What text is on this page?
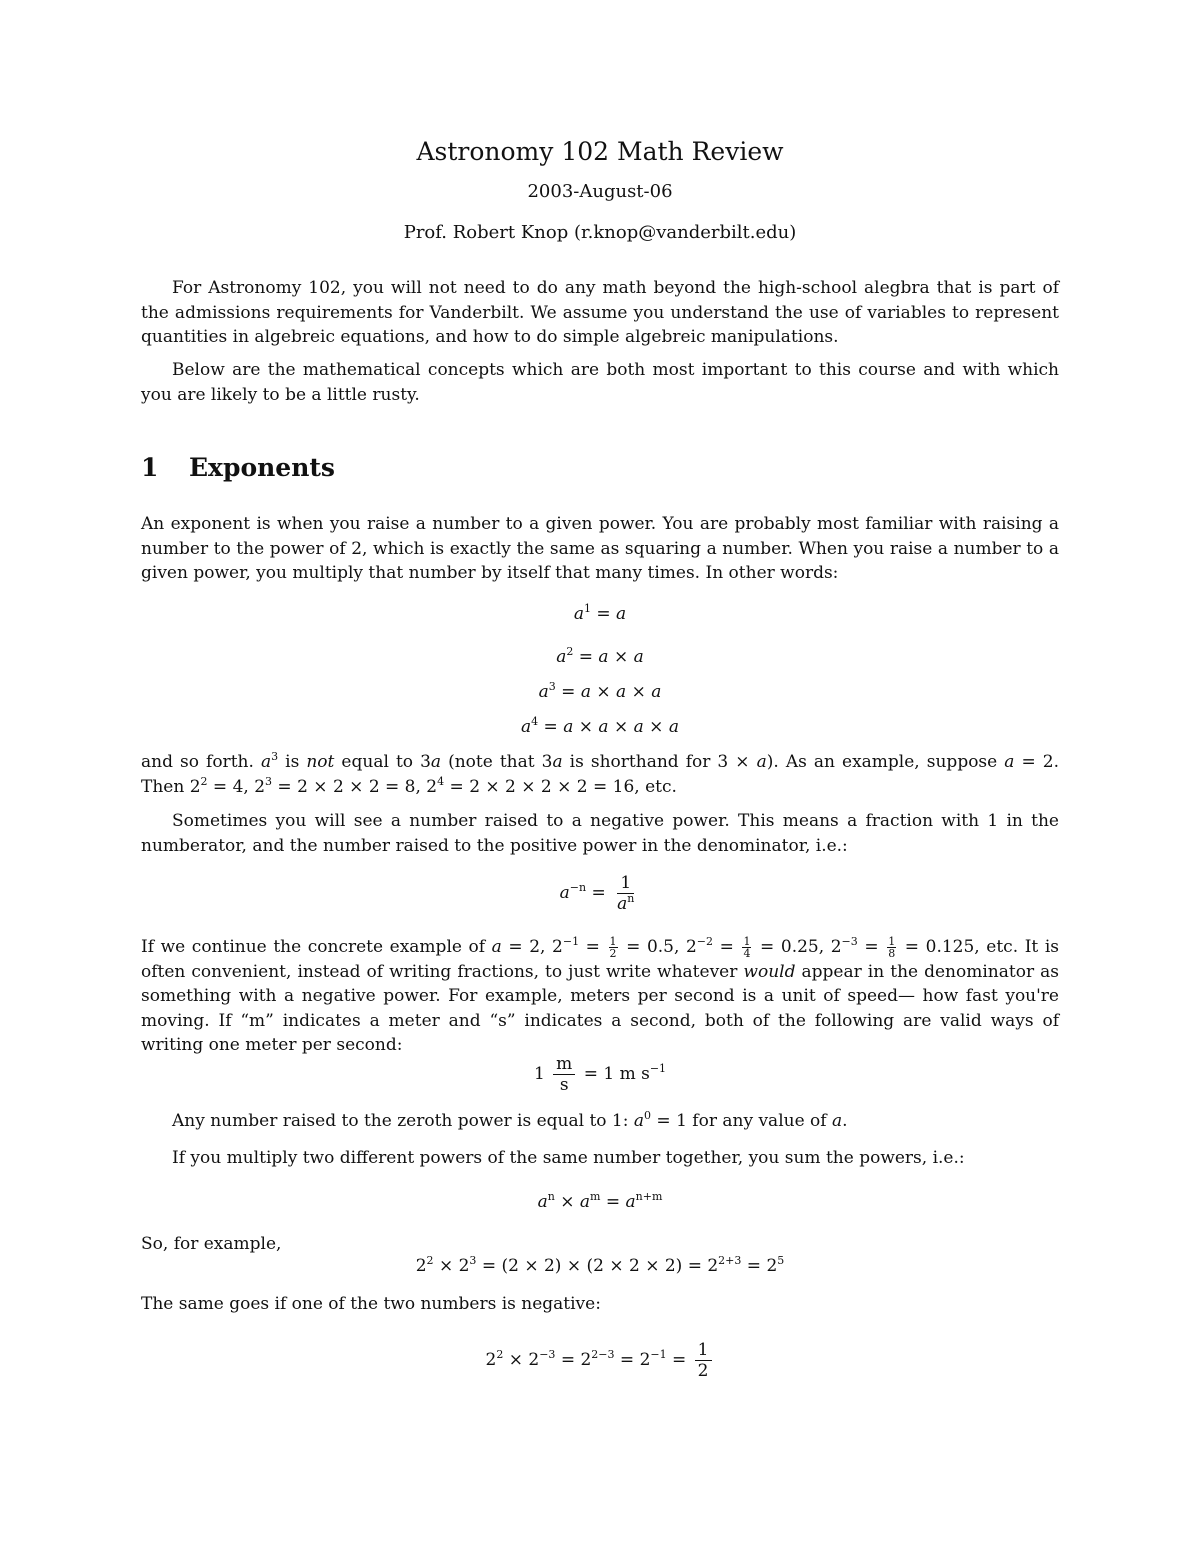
Astronomy 102 Math Review
2003-August-06
Prof. Robert Knop (r.knop@vanderbilt.edu)

For Astronomy 102, you will not need to do any math beyond the high-school alegbra that is part of the admissions requirements for Vanderbilt. We assume you understand the use of variables to represent quantities in algebreic equations, and how to do simple algebreic manipulations.

Below are the mathematical concepts which are both most important to this course and with which you are likely to be a little rusty.

1 Exponents

An exponent is when you raise a number to a given power. You are probably most familiar with raising a number to the power of 2, which is exactly the same as squaring a number. When you raise a number to a given power, you multiply that number by itself that many times. In other words:

$a^1 = a$
$a^2 = a \times a$
$a^3 = a \times a \times a$
$a^4 = a \times a \times a \times a$

and so forth. $a^3$ is not equal to 3a (note that 3a is shorthand for 3 × a). As an example, suppose a = 2. Then $2^2 = 4$, $2^3 = 2 \times 2 \times 2 = 8$, $2^4 = 2 \times 2 \times 2 \times 2 = 16$, etc.

Sometimes you will see a number raised to a negative power. This means a fraction with 1 in the numberator, and the number raised to the positive power in the denominator, i.e.:

$a^{-n} = \frac{1}{a^n}$

If we continue the concrete example of a = 2, $2^{-1} = \frac{1}{2} = 0.5$, $2^{-2} = \frac{1}{4} = 0.25$, $2^{-3} = \frac{1}{8} = 0.125$, etc. It is often convenient, instead of writing fractions, to just write whatever would appear in the denominator as something with a negative power. For example, meters per second is a unit of speed— how fast you're moving. If “m” indicates a meter and “s” indicates a second, both of the following are valid ways of writing one meter per second:

$1 \frac{m}{s} = 1$ m $s^{-1}$

Any number raised to the zeroth power is equal to 1: $a^0 = 1$ for any value of a.

If you multiply two different powers of the same number together, you sum the powers, i.e.:

$a^n \times a^m = a^{n+m}$

So, for example,

$2^2 \times 2^3 = (2 \times 2) \times (2 \times 2 \times 2) = 2^{2+3} = 2^5$

The same goes if one of the two numbers is negative:

$2^2 \times 2^{-3} = 2^{2-3} = 2^{-1} = \frac{1}{2}$
